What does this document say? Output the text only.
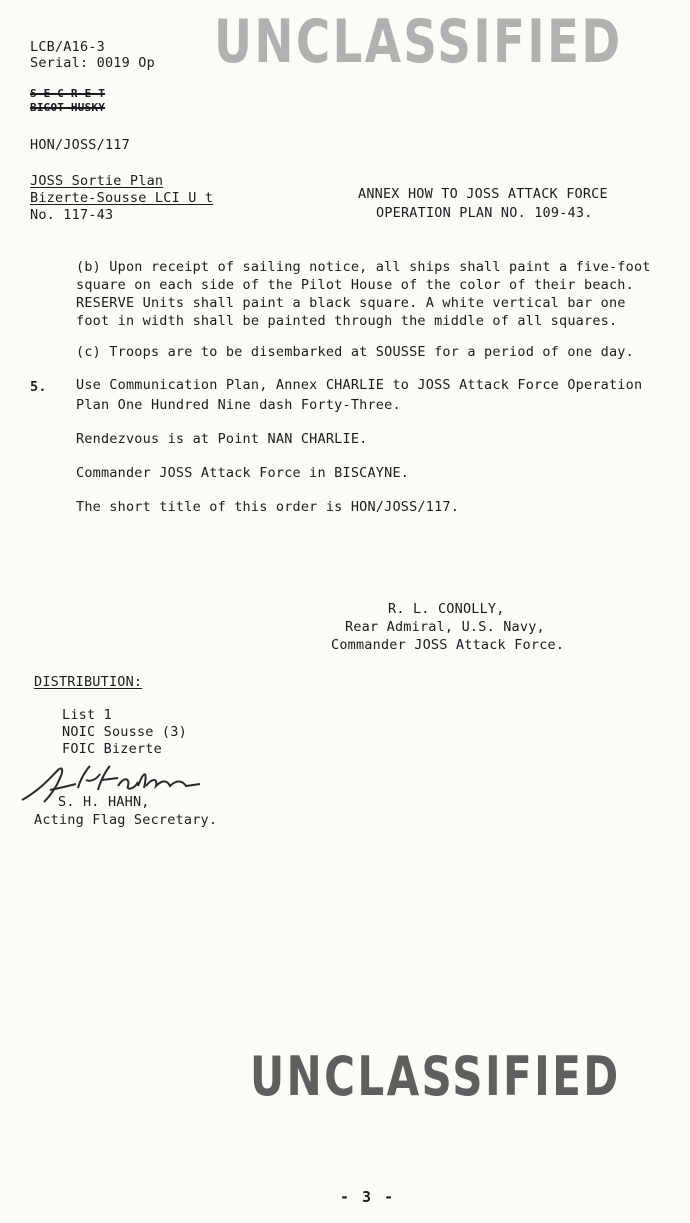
UNCLASSIFIED
LCB/A16-3
Serial: 0019 Op
S-E-C-R-E-T
BIGOT HUSKY
HON/JOSS/117
JOSS Sortie Plan
Bizerte-Sousse LCI U t
No. 117-43
ANNEX HOW TO JOSS ATTACK FORCE
OPERATION PLAN NO. 109-43.
(b) Upon receipt of sailing notice, all ships shall paint a five-foot
square on each side of the Pilot House of the color of their beach.
RESERVE Units shall paint a black square. A white vertical bar one
foot in width shall be painted through the middle of all squares.
(c) Troops are to be disembarked at SOUSSE for a period of one day.
5. Use Communication Plan, Annex CHARLIE to JOSS Attack Force Operation
Plan One Hundred Nine dash Forty-Three.
Rendezvous is at Point NAN CHARLIE.
Commander JOSS Attack Force in BISCAYNE.
The short title of this order is HON/JOSS/117.
R. L. CONOLLY,
Rear Admiral, U.S. Navy,
Commander JOSS Attack Force.
DISTRIBUTION:
List 1
NOIC Sousse (3)
FOIC Bizerte
S. H. HAHN,
Acting Flag Secretary.
UNCLASSIFIED
- 3 -
